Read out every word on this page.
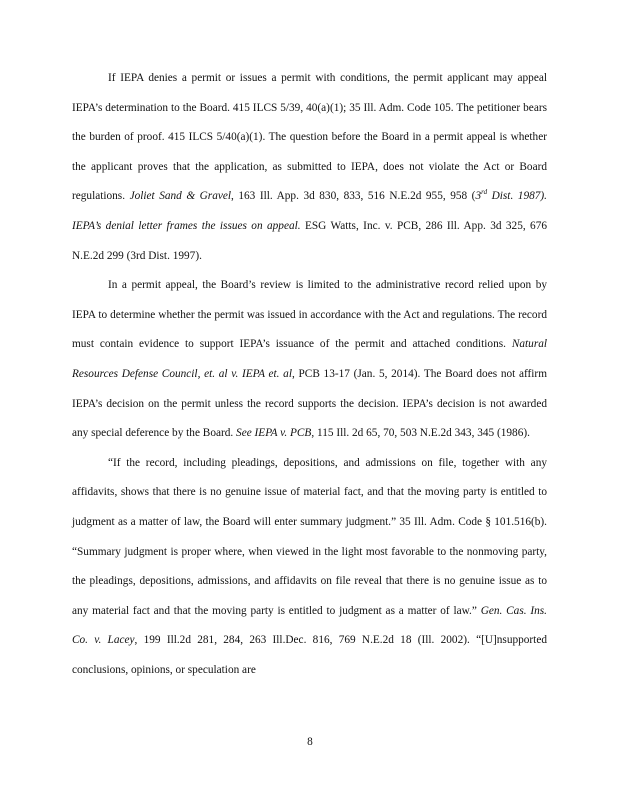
If IEPA denies a permit or issues a permit with conditions, the permit applicant may appeal IEPA’s determination to the Board. 415 ILCS 5/39, 40(a)(1); 35 Ill. Adm. Code 105. The petitioner bears the burden of proof. 415 ILCS 5/40(a)(1). The question before the Board in a permit appeal is whether the applicant proves that the application, as submitted to IEPA, does not violate the Act or Board regulations. Joliet Sand & Gravel, 163 Ill. App. 3d 830, 833, 516 N.E.2d 955, 958 (3rd Dist. 1987). IEPA’s denial letter frames the issues on appeal. ESG Watts, Inc. v. PCB, 286 Ill. App. 3d 325, 676 N.E.2d 299 (3rd Dist. 1997).

In a permit appeal, the Board’s review is limited to the administrative record relied upon by IEPA to determine whether the permit was issued in accordance with the Act and regulations. The record must contain evidence to support IEPA’s issuance of the permit and attached conditions. Natural Resources Defense Council, et. al v. IEPA et. al, PCB 13-17 (Jan. 5, 2014). The Board does not affirm IEPA’s decision on the permit unless the record supports the decision. IEPA’s decision is not awarded any special deference by the Board. See IEPA v. PCB, 115 Ill. 2d 65, 70, 503 N.E.2d 343, 345 (1986).

“If the record, including pleadings, depositions, and admissions on file, together with any affidavits, shows that there is no genuine issue of material fact, and that the moving party is entitled to judgment as a matter of law, the Board will enter summary judgment.” 35 Ill. Adm. Code § 101.516(b). “Summary judgment is proper where, when viewed in the light most favorable to the nonmoving party, the pleadings, depositions, admissions, and affidavits on file reveal that there is no genuine issue as to any material fact and that the moving party is entitled to judgment as a matter of law.” Gen. Cas. Ins. Co. v. Lacey, 199 Ill.2d 281, 284, 263 Ill.Dec. 816, 769 N.E.2d 18 (Ill. 2002). “[U]nsupported conclusions, opinions, or speculation are

8
